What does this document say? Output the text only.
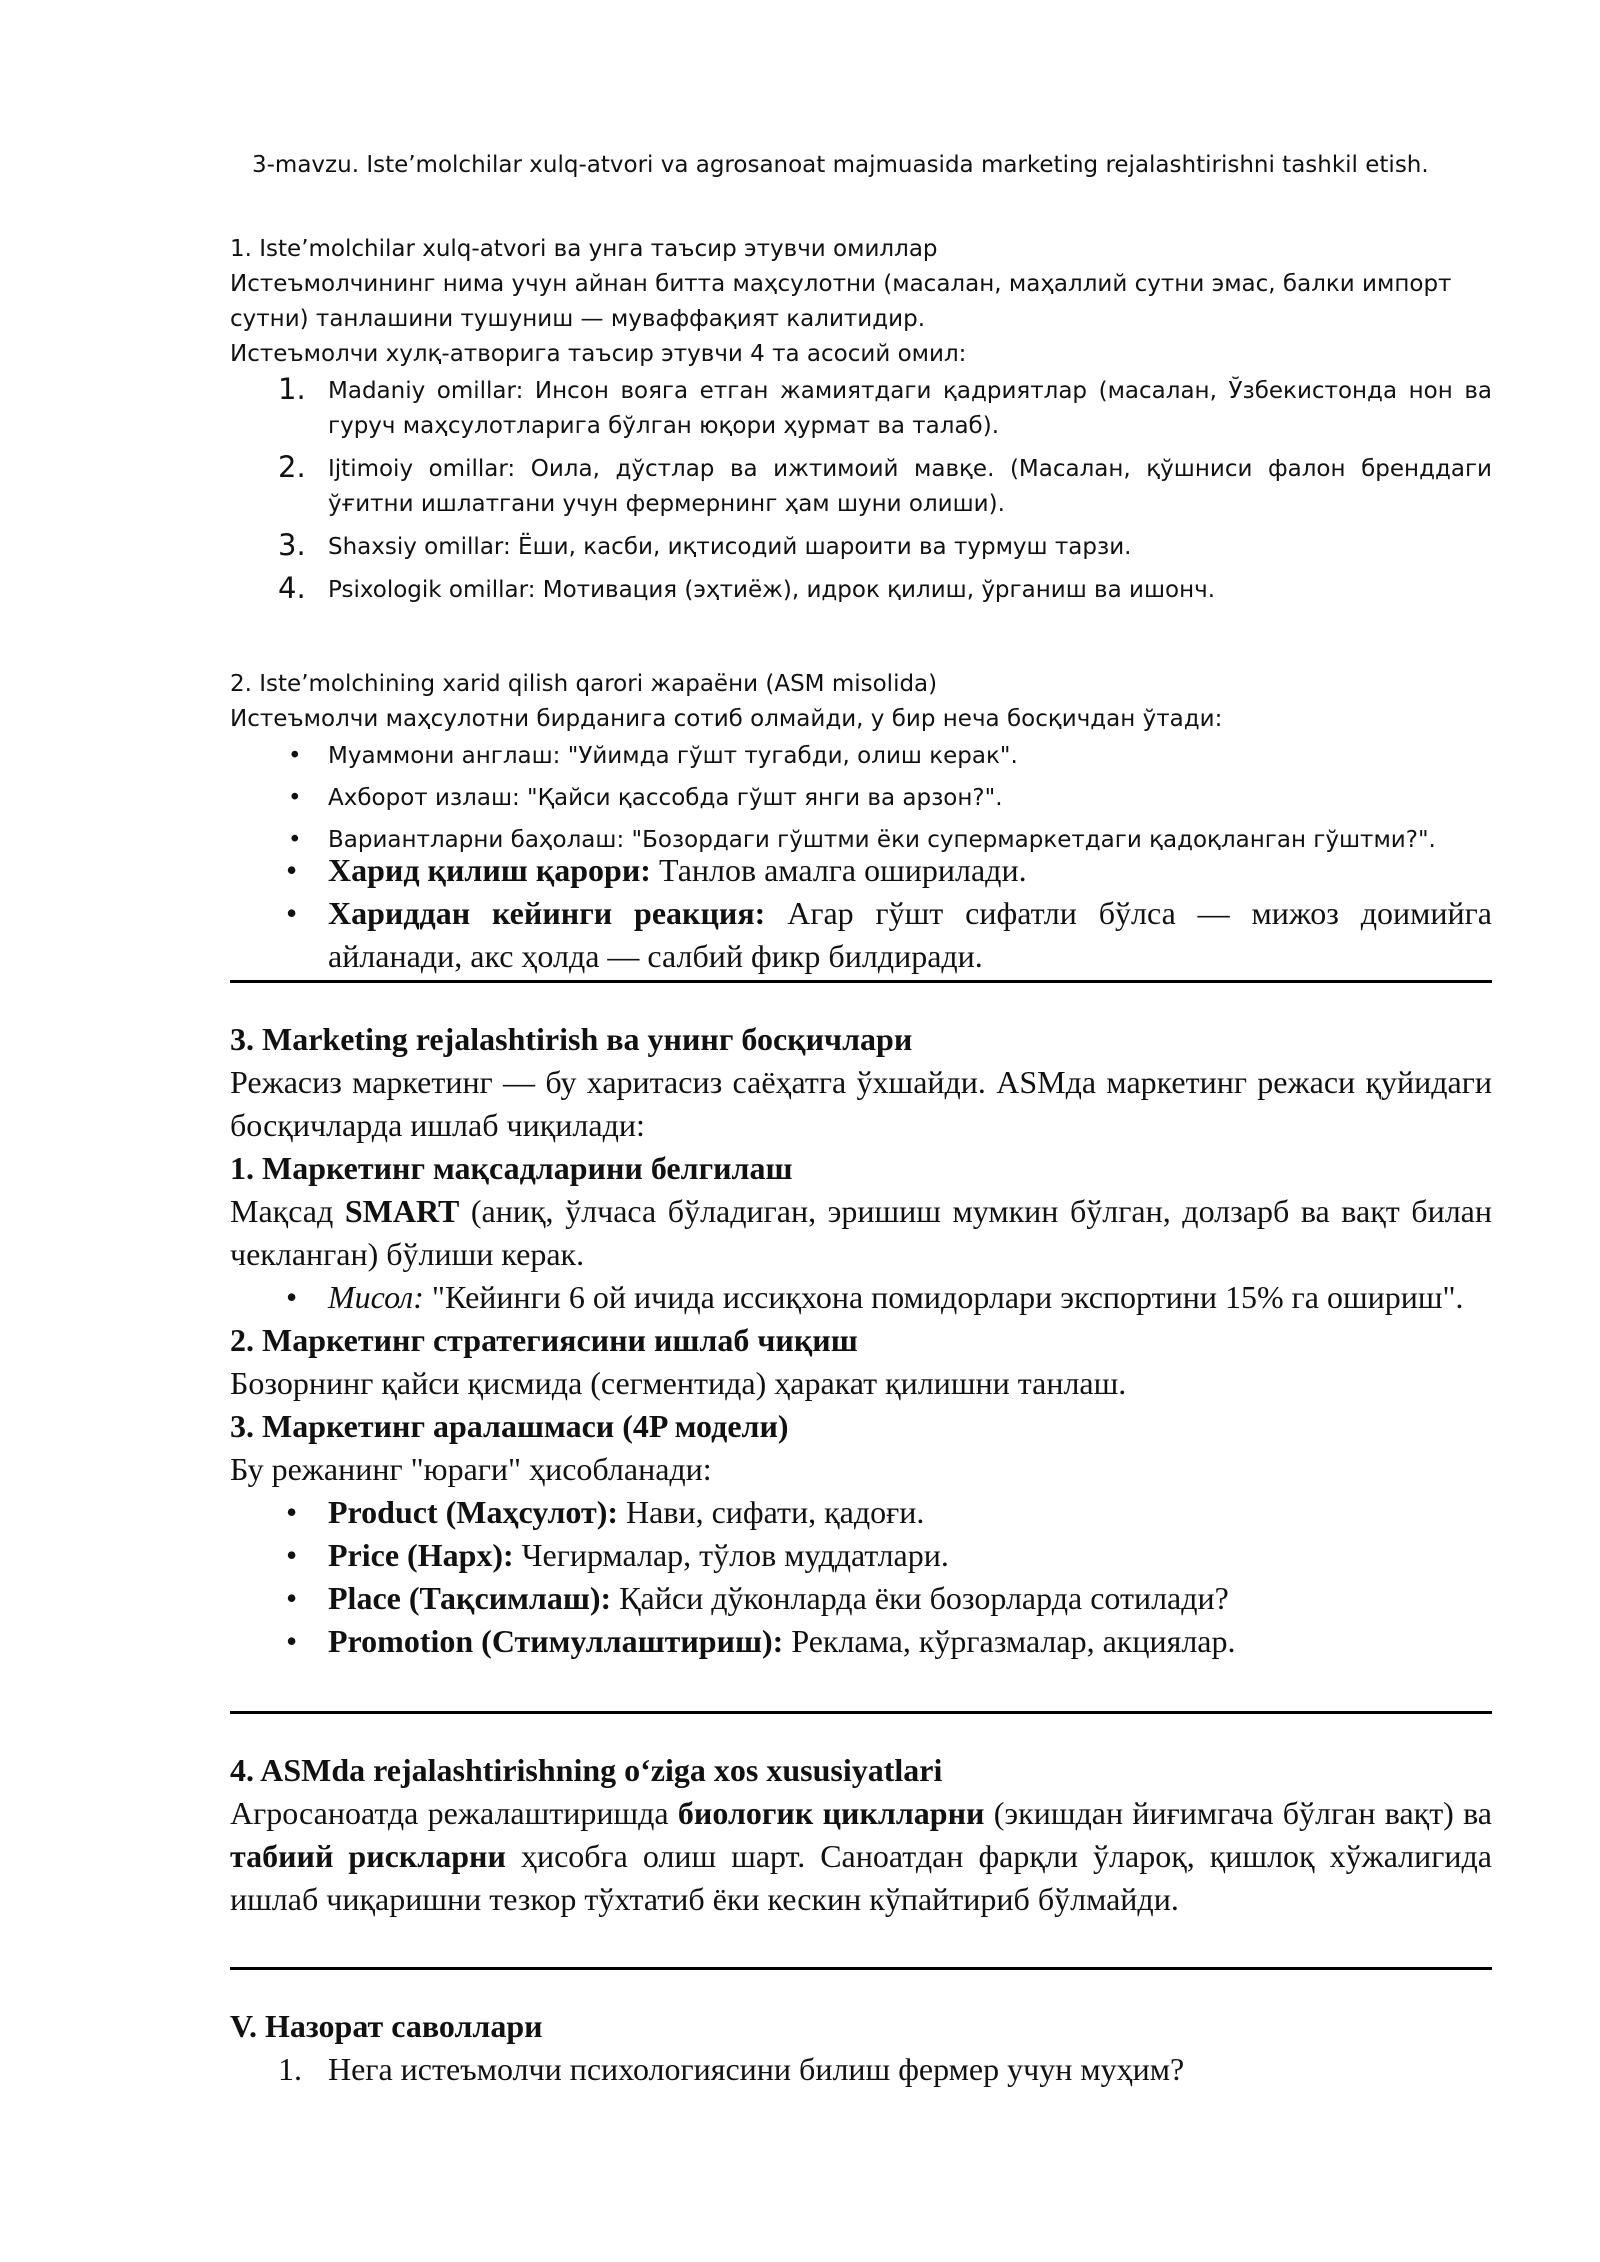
3-mavzu. Iste’molchilar xulq-atvori va agrosanoat majmuasida marketing rejalashtirishni tashkil etish.

1. Iste’molchilar xulq-atvori ва унга таъсир этувчи омиллар

Истеъмолчининг нима учун айнан битта маҳсулотни (масалан, маҳаллий сутни эмас, балки импорт сутни) танлашини тушуниш — муваффақият калитидир.

Истеъмолчи хулқ-атворига таъсир этувчи 4 та асосий омил:

1. Madaniy omillar: Инсон вояга етган жамиятдаги қадриятлар (масалан, Ўзбекистонда нон ва гуруч маҳсулотларига бўлган юқори ҳурмат ва талаб).
2. Ijtimoiy omillar: Оила, дўстлар ва ижтимоий мавқе. (Масалан, қўшниси фалон бренддаги ўғитни ишлатгани учун фермернинг ҳам шуни олиши).
3. Shaxsiy omillar: Ёши, касби, иқтисодий шароити ва турмуш тарзи.
4. Psixologik omillar: Мотивация (эҳтиёж), идрок қилиш, ўрганиш ва ишонч.

2. Iste’molchining xarid qilish qarori жараёни (ASM misolida)

Истеъмолчи маҳсулотни бирданига сотиб олмайди, у бир неча босқичдан ўтади:

• Муаммони англаш: "Уйимда гўшт тугабди, олиш керак".
• Ахборот излаш: "Қайси қассобда гўшт янги ва арзон?".
• Вариантларни баҳолаш: "Бозордаги гўштми ёки супермаркетдаги қадоқланган гўштми?".
• Харид қилиш қарори: Танлов амалга оширилади.
• Хариддан кейинги реакция: Агар гўшт сифатли бўлса — мижоз доимийга айланади, акс ҳолда — салбий фикр билдиради.

3. Marketing rejalashtirish ва унинг босқичлари

Режасиз маркетинг — бу харитасиз саёҳатга ўхшайди. ASMда маркетинг режаси қуйидаги босқичларда ишлаб чиқилади:

1. Маркетинг мақсадларини белгилаш

Мақсад SMART (аниқ, ўлчаса бўладиган, эришиш мумкин бўлган, долзарб ва вақт билан чекланган) бўлиши керак.

• Мисол: "Кейинги 6 ой ичида иссиқхона помидорлари экспортини 15% га ошириш".

2. Маркетинг стратегиясини ишлаб чиқиш

Бозорнинг қайси қисмида (сегментида) ҳаракат қилишни танлаш.

3. Маркетинг аралашмаси (4P модели)

Бу режанинг "юраги" ҳисобланади:

• Product (Маҳсулот): Нави, сифати, қадоғи.
• Price (Нарх): Чегирмалар, тўлов муддатлари.
• Place (Тақсимлаш): Қайси дўконларда ёки бозорларда сотилади?
• Promotion (Стимуллаштириш): Реклама, кўргазмалар, акциялар.

4. ASMda rejalashtirishning o‘ziga xos xususiyatlari

Агросаноатда режалаштиришда биологик циклларни (экишдан йиғимгача бўлган вақт) ва табиий рискларни ҳисобга олиш шарт. Саноатдан фарқли ўлароқ, қишлоқ хўжалигида ишлаб чиқаришни тезкор тўхтатиб ёки кескин кўпайтириб бўлмайди.

V. Назорат саволлари

1. Нега истеъмолчи психологиясини билиш фермер учун муҳим?
